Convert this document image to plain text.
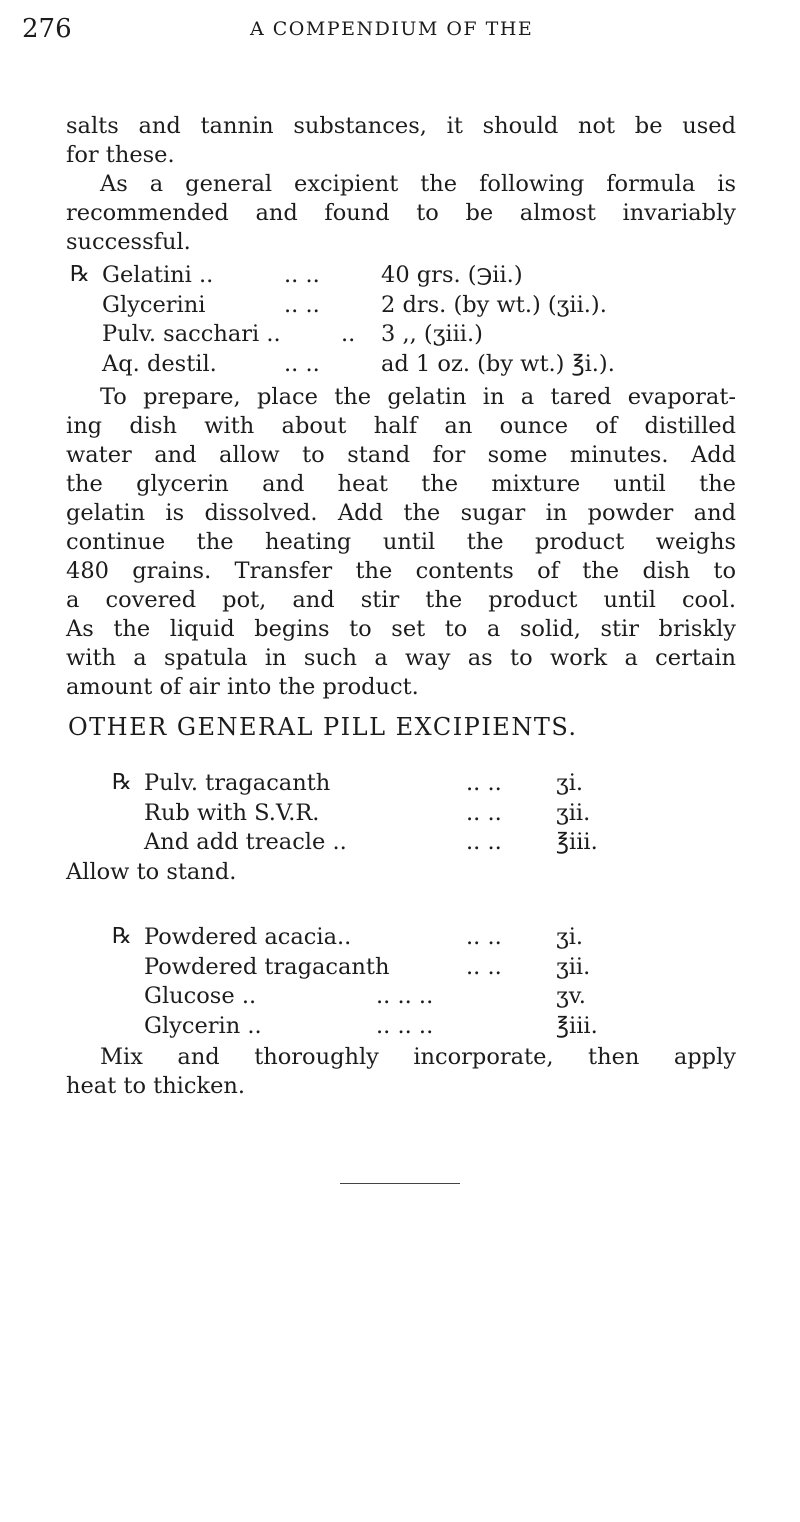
276	A COMPENDIUM OF THE

salts and tannin substances, it should not be used

for these.

As a general excipient the following formula is

recommended and found to be almost invariably

successful.

℞ Gelatini ..	.. ..	40 grs. (℈ii.)
Glycerini	.. ..	2 drs. (by wt.) (ʒii.).
Pulv. sacchari ..	.. 3 ,, (ʒiii.)
Aq. destil.	.. ..	ad 1 oz. (by wt.) ℥i.).

To prepare, place the gelatin in a tared evaporat-

ing dish with about half an ounce of distilled

water and allow to stand for some minutes. Add

the glycerin and heat the mixture until the

gelatin is dissolved. Add the sugar in powder and

continue the heating until the product weighs

480 grains. Transfer the contents of the dish to

a covered pot, and stir the product until cool.

As the liquid begins to set to a solid, stir briskly

with a spatula in such a way as to work a certain

amount of air into the product.

OTHER GENERAL PILL EXCIPIENTS.
℞ Pulv. tragacanth	.. .. ʒi.
Rub with S.V.R.	.. .. ʒii.
And add treacle ..	.. .. ℥iii.
Allow to stand.
℞ Powdered acacia..	.. .. ʒi.
Powdered tragacanth	.. .. ʒii.
Glucose ..	.. .. ..	ʒv.
Glycerin ..	.. .. ..	℥iii.

Mix and thoroughly incorporate, then apply

heat to thicken.
